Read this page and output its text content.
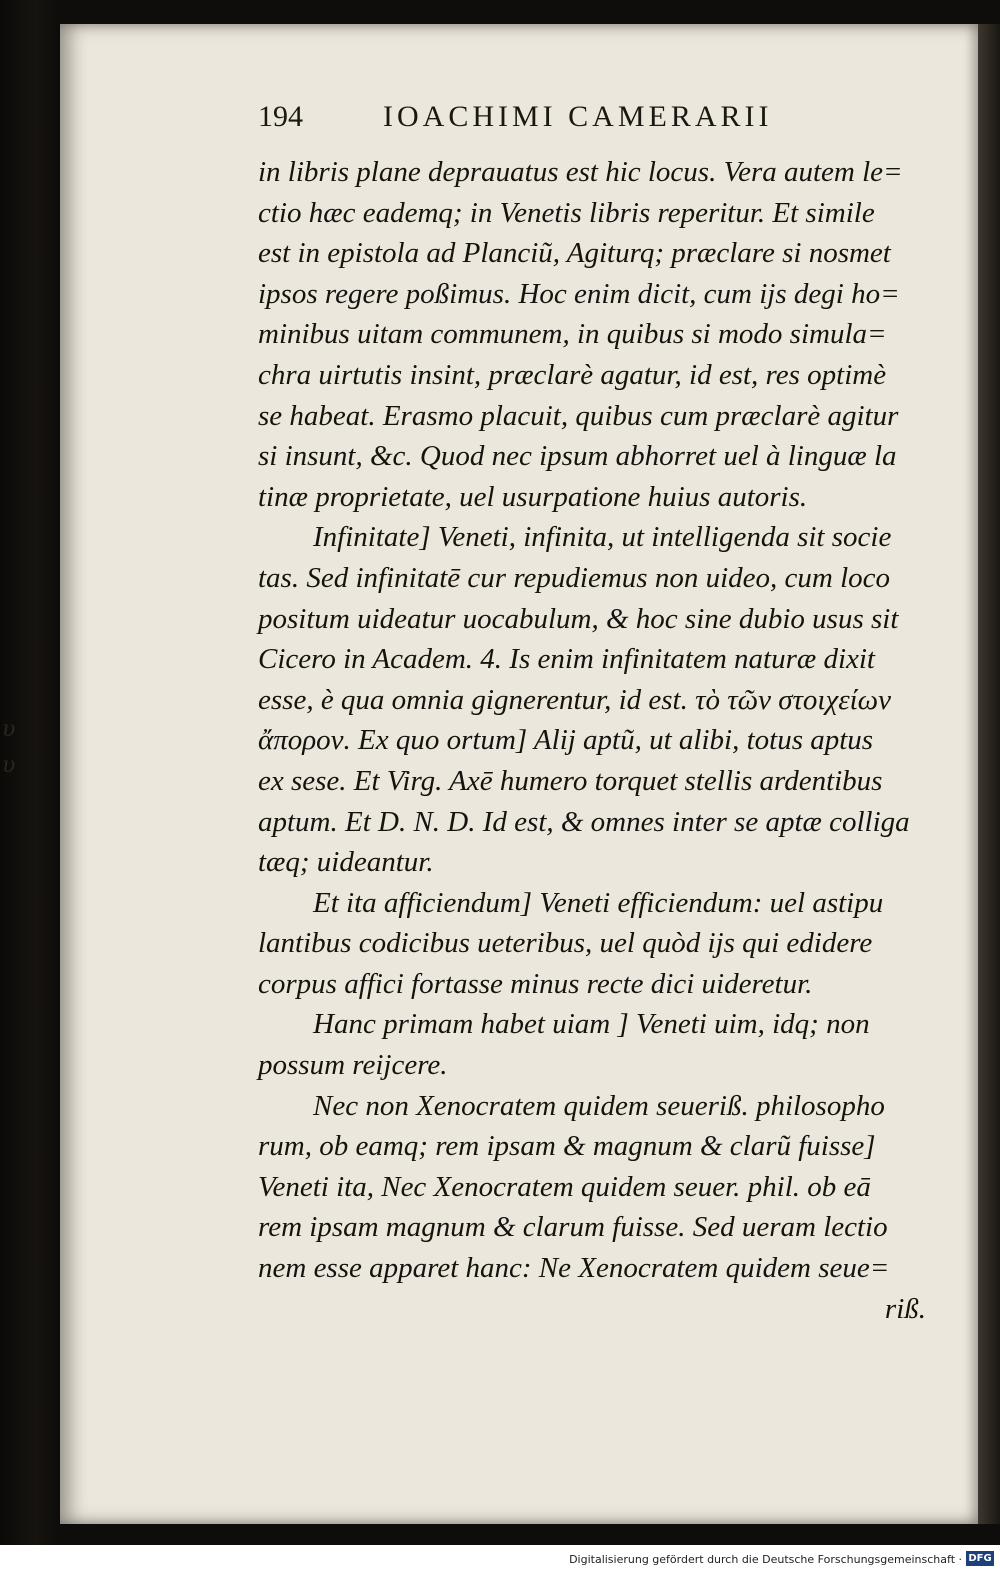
υ
υ
194	IOACHIMI CAMERARII
in libris plane deprauatus est hic locus. Vera autem le=
ctio hæc eademq; in Venetis libris reperitur. Et simile
est in epistola ad Planciũ, Agiturq; præclare si nosmet
ipsos regere poßimus. Hoc enim dicit, cum ijs degi ho=
minibus uitam communem, in quibus si modo simula=
chra uirtutis insint, præclarè agatur, id est, res optimè
se habeat. Erasmo placuit, quibus cum præclarè agitur
si insunt, &c. Quod nec ipsum abhorret uel à linguæ la
tinæ proprietate, uel usurpatione huius autoris.
Infinitate] Veneti, infinita, ut intelligenda sit socie
tas. Sed infinitatē cur repudiemus non uideo, cum loco
positum uideatur uocabulum, & hoc sine dubio usus sit
Cicero in Academ. 4. Is enim infinitatem naturæ dixit
esse, è qua omnia gignerentur, id est. τὸ τῶν στοιχείων
ἄπορον. Ex quo ortum] Alij aptũ, ut alibi, totus aptus
ex sese. Et Virg. Axē humero torquet stellis ardentibus
aptum. Et D. N. D. Id est, & omnes inter se aptæ colliga
tæq; uideantur.
Et ita afficiendum] Veneti efficiendum: uel astipu
lantibus codicibus ueteribus, uel quòd ijs qui edidere
corpus affici fortasse minus recte dici uideretur.
Hanc primam habet uiam ] Veneti uim, idq; non
possum reijcere.
Nec non Xenocratem quidem seueriß. philosopho
rum, ob eamq; rem ipsam & magnum & clarũ fuisse]
Veneti ita, Nec Xenocratem quidem seuer. phil. ob eā
rem ipsam magnum & clarum fuisse. Sed ueram lectio
nem esse apparet hanc: Ne Xenocratem quidem seue=
riß.
Digitalisierung gefördert durch die Deutsche Forschungsgemeinschaft · DFG
